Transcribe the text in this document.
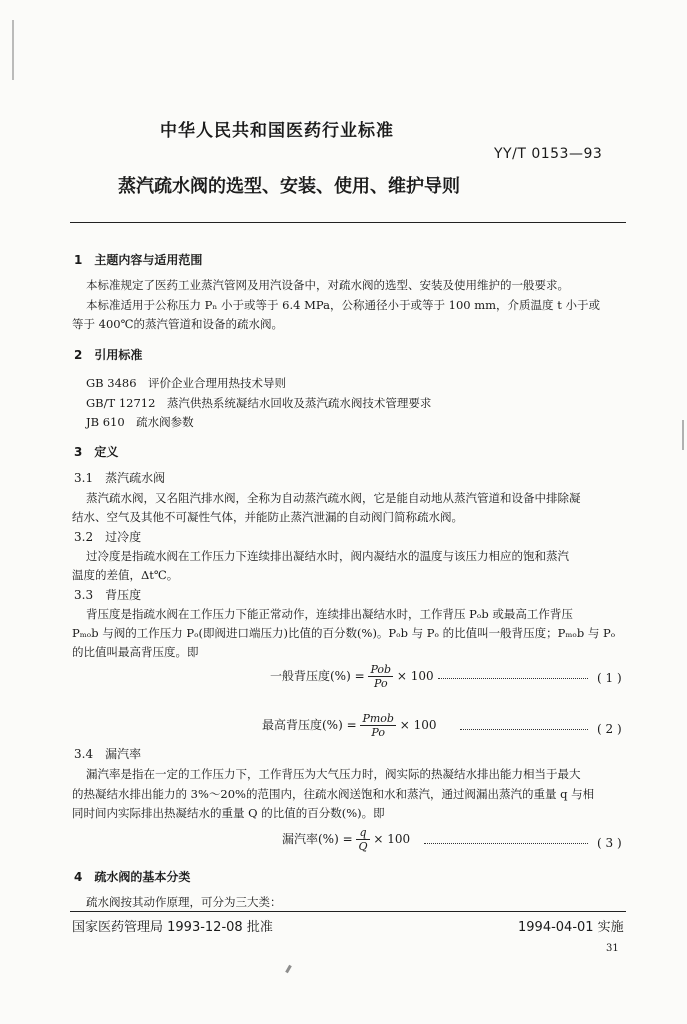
中华人民共和国医药行业标准
YY/T 0153—93
蒸汽疏水阀的选型、安装、使用、维护导则
1　主题内容与适用范围
本标准规定了医药工业蒸汽管网及用汽设备中，对疏水阀的选型、安装及使用维护的一般要求。
本标准适用于公称压力 Pₙ 小于或等于 6.4 MPa，公称通径小于或等于 100 mm，介质温度 t 小于或
等于 400℃的蒸汽管道和设备的疏水阀。
2　引用标准
GB 3486　评价企业合理用热技术导则
GB/T 12712　蒸汽供热系统凝结水回收及蒸汽疏水阀技术管理要求
JB 610　疏水阀参数
3　定义
3.1　蒸汽疏水阀
蒸汽疏水阀，又名阻汽排水阀，全称为自动蒸汽疏水阀，它是能自动地从蒸汽管道和设备中排除凝
结水、空气及其他不可凝性气体，并能防止蒸汽泄漏的自动阀门简称疏水阀。
3.2　过冷度
过冷度是指疏水阀在工作压力下连续排出凝结水时，阀内凝结水的温度与该压力相应的饱和蒸汽
温度的差值，Δt℃。
3.3　背压度
背压度是指疏水阀在工作压力下能正常动作，连续排出凝结水时，工作背压 Pₒb 或最高工作背压
Pₘₒb 与阀的工作压力 Pₒ(即阀进口端压力)比值的百分数(%)。Pₒb 与 Pₒ 的比值叫一般背压度；Pₘₒb 与 Pₒ
的比值叫最高背压度。即
一般背压度(%) = $\frac{\text{Pob}}{Po} \times 100$	( 1 )
最高背压度(%) = $\frac{\text{Pmob}}{Po} \times 100$	( 2 )
3.4　漏汽率
漏汽率是指在一定的工作压力下，工作背压为大气压力时，阀实际的热凝结水排出能力相当于最大
的热凝结水排出能力的 3%～20%的范围内，往疏水阀送饱和水和蒸汽，通过阀漏出蒸汽的重量 q 与相
同时间内实际排出热凝结水的重量 Q 的比值的百分数(%)。即
漏汽率(%) = $\frac{q}{Q} \times 100$	( 3 )
4　疏水阀的基本分类
疏水阀按其动作原理，可分为三大类：
国家医药管理局 1993-12-08 批准	1994-04-01 实施
31
